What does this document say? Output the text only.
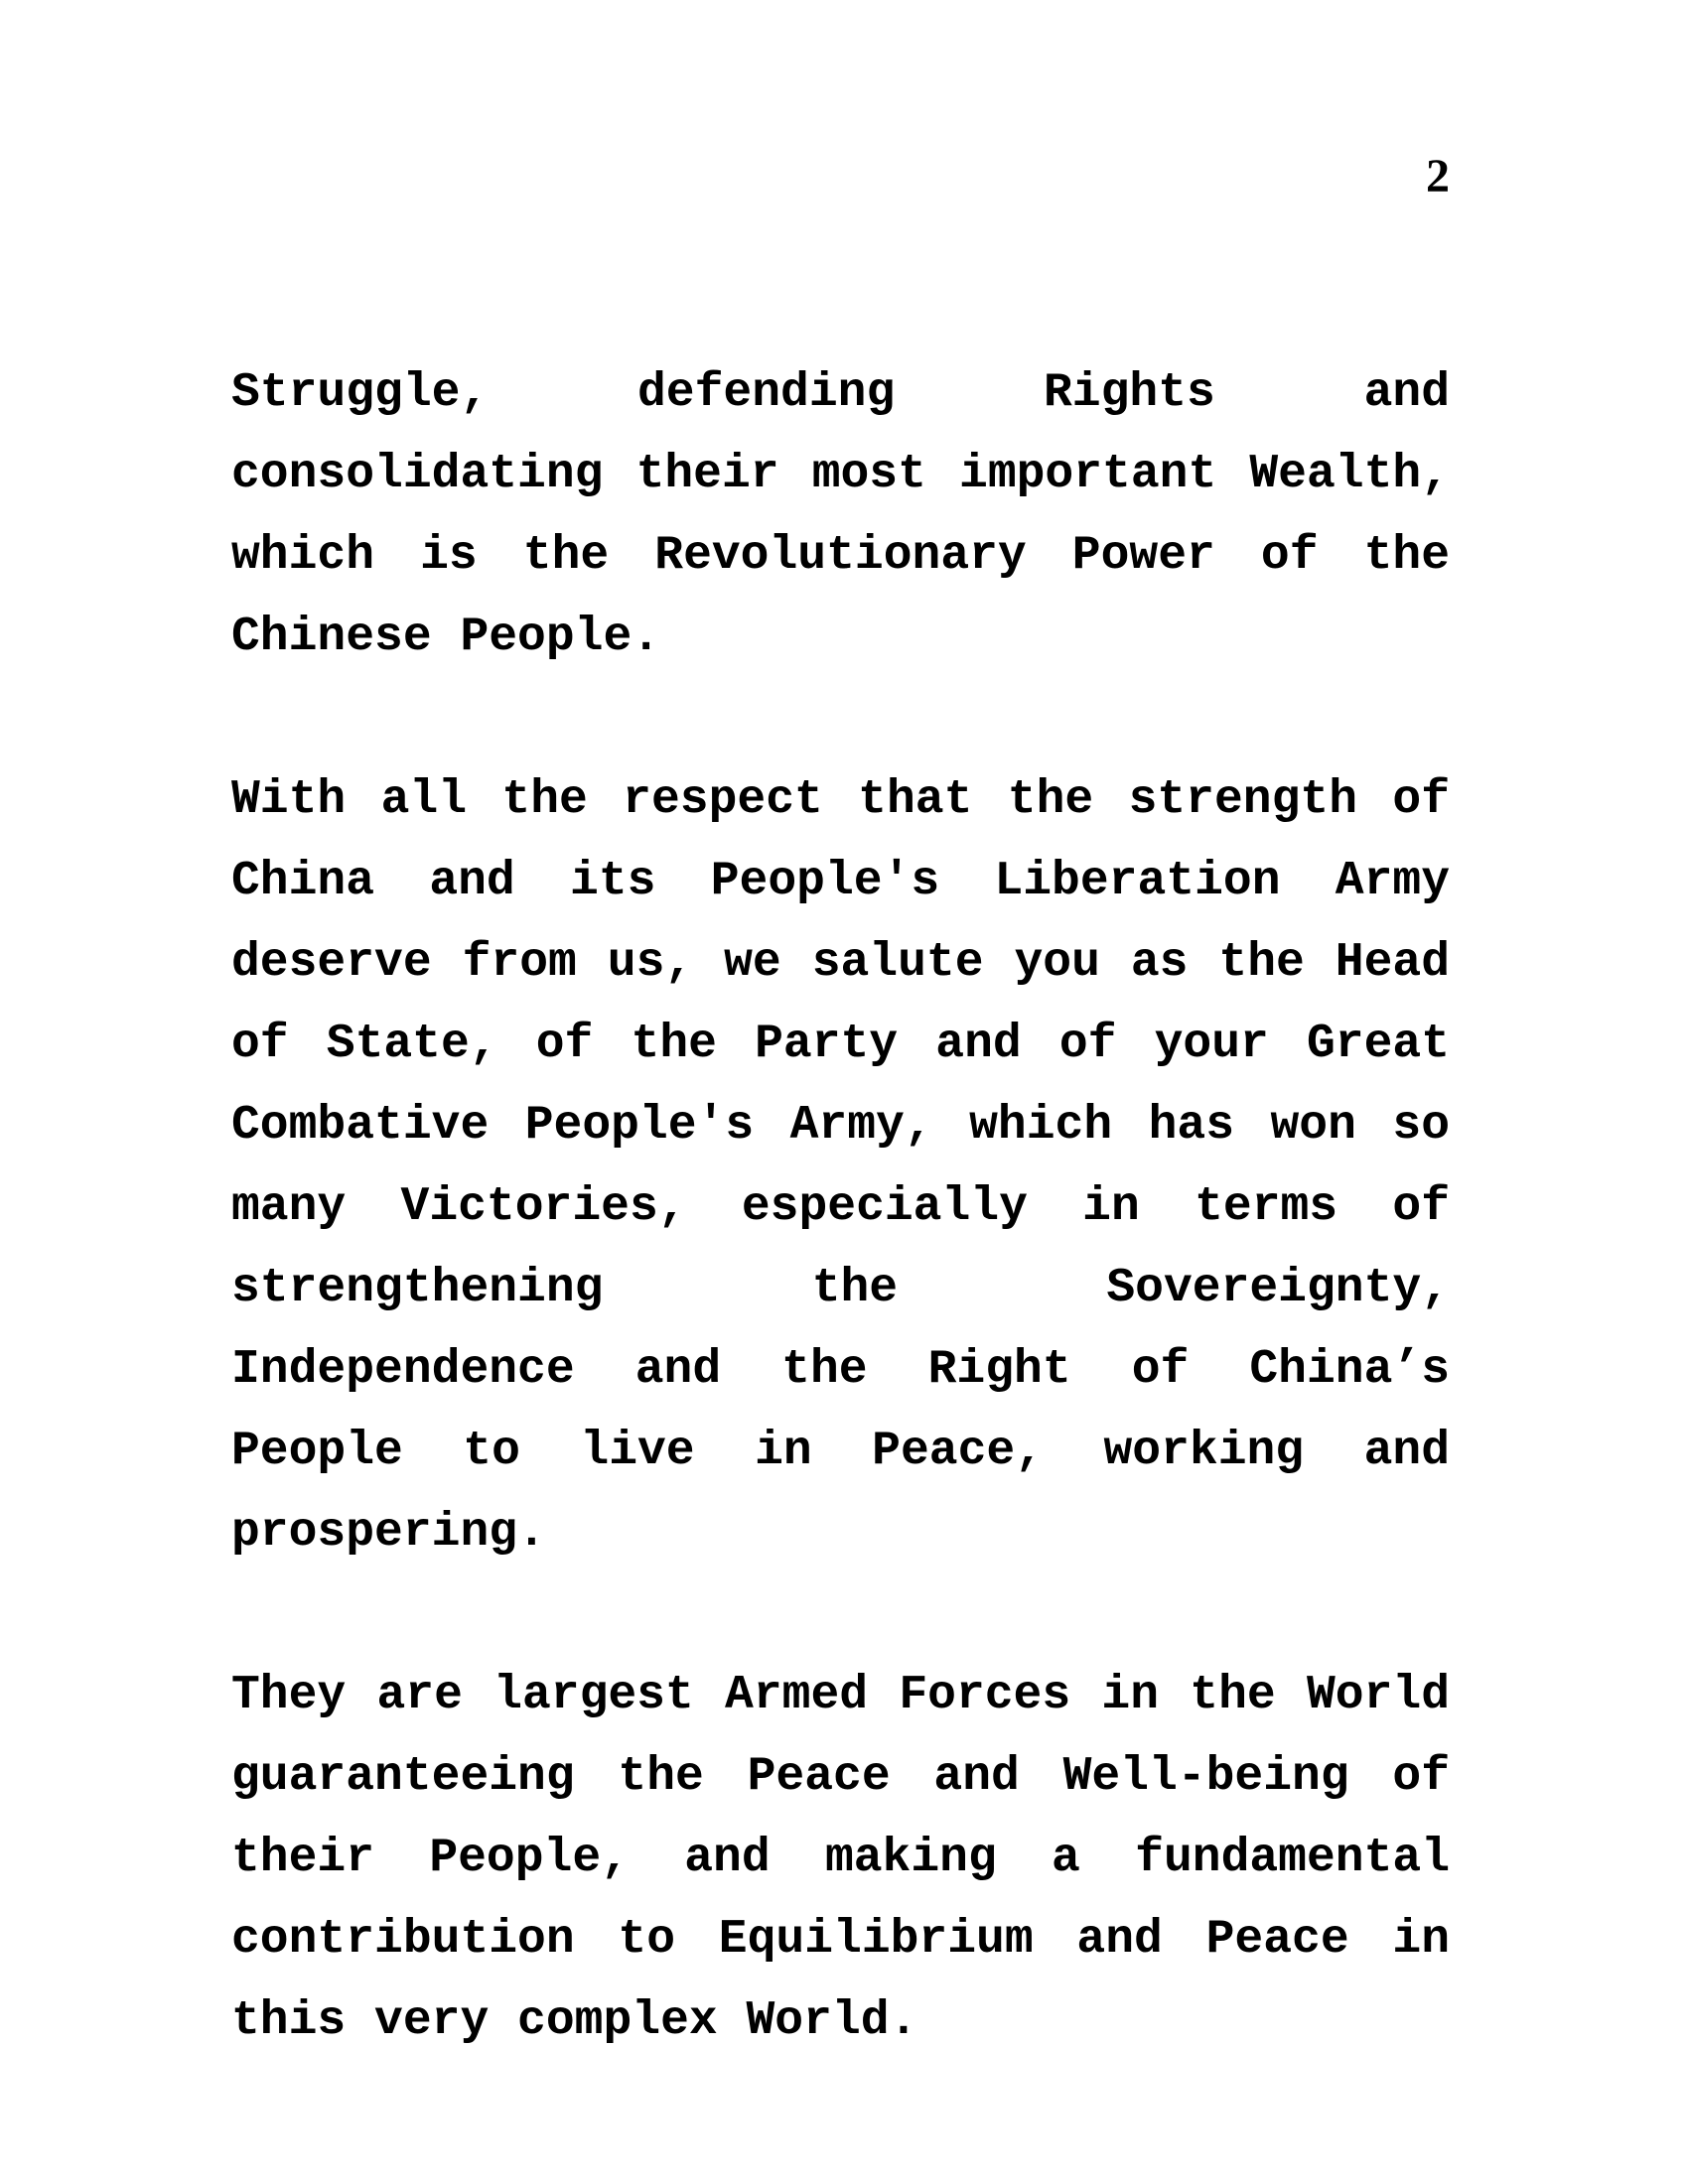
2

Struggle, defending Rights and consolidating their most important Wealth, which is the Revolutionary Power of the Chinese People.

With all the respect that the strength of China and its People's Liberation Army deserve from us, we salute you as the Head of State, of the Party and of your Great Combative People's Army, which has won so many Victories, especially in terms of strengthening the Sovereignty, Independence and the Right of China’s People to live in Peace, working and prospering.

They are largest Armed Forces in the World guaranteeing the Peace and Well-being of their People, and making a fundamental contribution to Equilibrium and Peace in this very complex World.
